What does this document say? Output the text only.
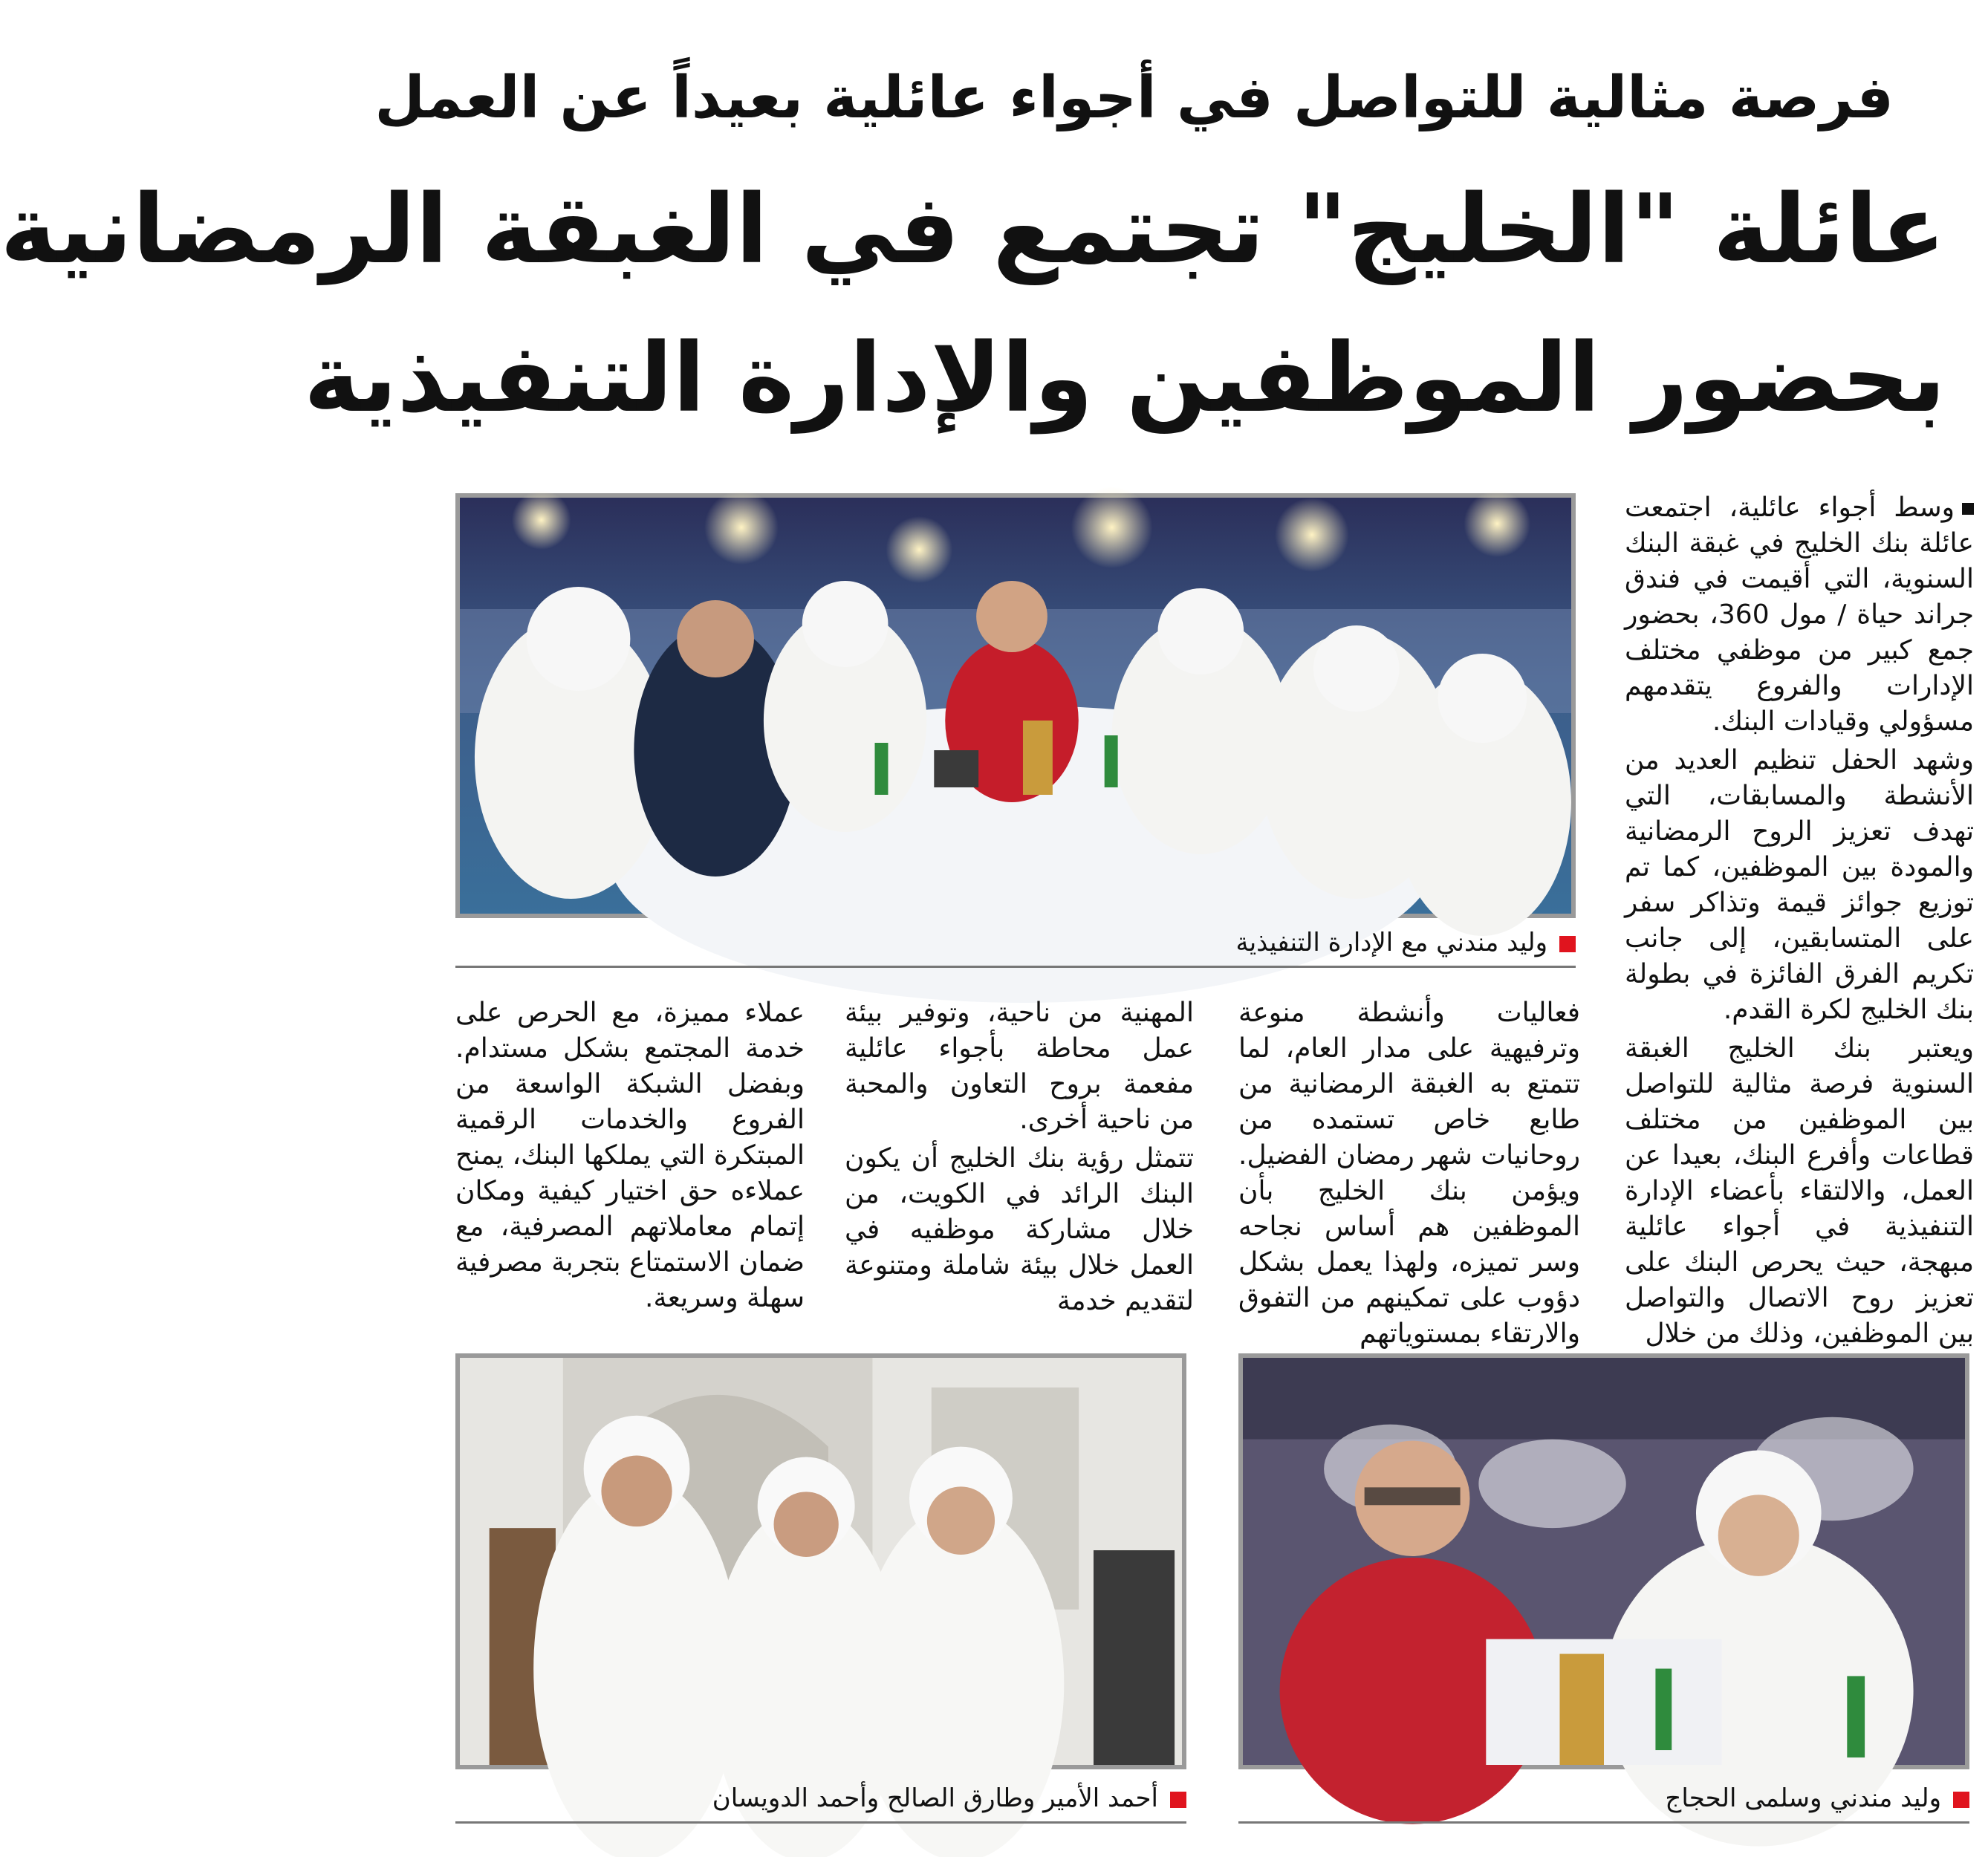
فرصة مثالية للتواصل في أجواء عائلية بعيداً عن العمل
عائلة "الخليج" تجتمع في الغبقة الرمضانية
بحضور الموظفين والإدارة التنفيذية

وسط أجواء عائلية، اجتمعت عائلة بنك الخليج في غبقة البنك السنوية، التي أقيمت في فندق جراند حياة / مول 360، بحضور جمع كبير من موظفي مختلف الإدارات والفروع يتقدمهم مسؤولي وقيادات البنك.

وشهد الحفل تنظيم العديد من الأنشطة والمسابقات، التي تهدف تعزيز الروح الرمضانية والمودة بين الموظفين، كما تم توزيع جوائز قيمة وتذاكر سفر على المتسابقين، إلى جانب تكريم الفرق الفائزة في بطولة بنك الخليج لكرة القدم.

ويعتبر بنك الخليج الغبقة السنوية فرصة مثالية للتواصل بين الموظفين من مختلف قطاعات وأفرع البنك، بعيدا عن العمل، والالتقاء بأعضاء الإدارة التنفيذية في أجواء عائلية مبهجة، حيث يحرص البنك على تعزيز روح الاتصال والتواصل بين الموظفين، وذلك من خلال

وليد مندني مع الإدارة التنفيذية
فعاليات وأنشطة منوعة وترفيهية على مدار العام، لما تتمتع به الغبقة الرمضانية من طابع خاص تستمده من روحانيات شهر رمضان الفضيل. ويؤمن بنك الخليج بأن الموظفين هم أساس نجاحه وسر تميزه، ولهذا يعمل بشكل دؤوب على تمكينهم من التفوق والارتقاء بمستوياتهم

المهنية من ناحية، وتوفير بيئة عمل محاطة بأجواء عائلية مفعمة بروح التعاون والمحبة من ناحية أخرى.

تتمثل رؤية بنك الخليج أن يكون البنك الرائد في الكويت، من خلال مشاركة موظفيه في العمل خلال بيئة شاملة ومتنوعة لتقديم خدمة

عملاء مميزة، مع الحرص على خدمة المجتمع بشكل مستدام. وبفضل الشبكة الواسعة من الفروع والخدمات الرقمية المبتكرة التي يملكها البنك، يمنح عملاءه حق اختيار كيفية ومكان إتمام معاملاتهم المصرفية، مع ضمان الاستمتاع بتجربة مصرفية سهلة وسريعة.
وليد مندني وسلمى الحجاج
أحمد الأمير وطارق الصالح وأحمد الدويسان
